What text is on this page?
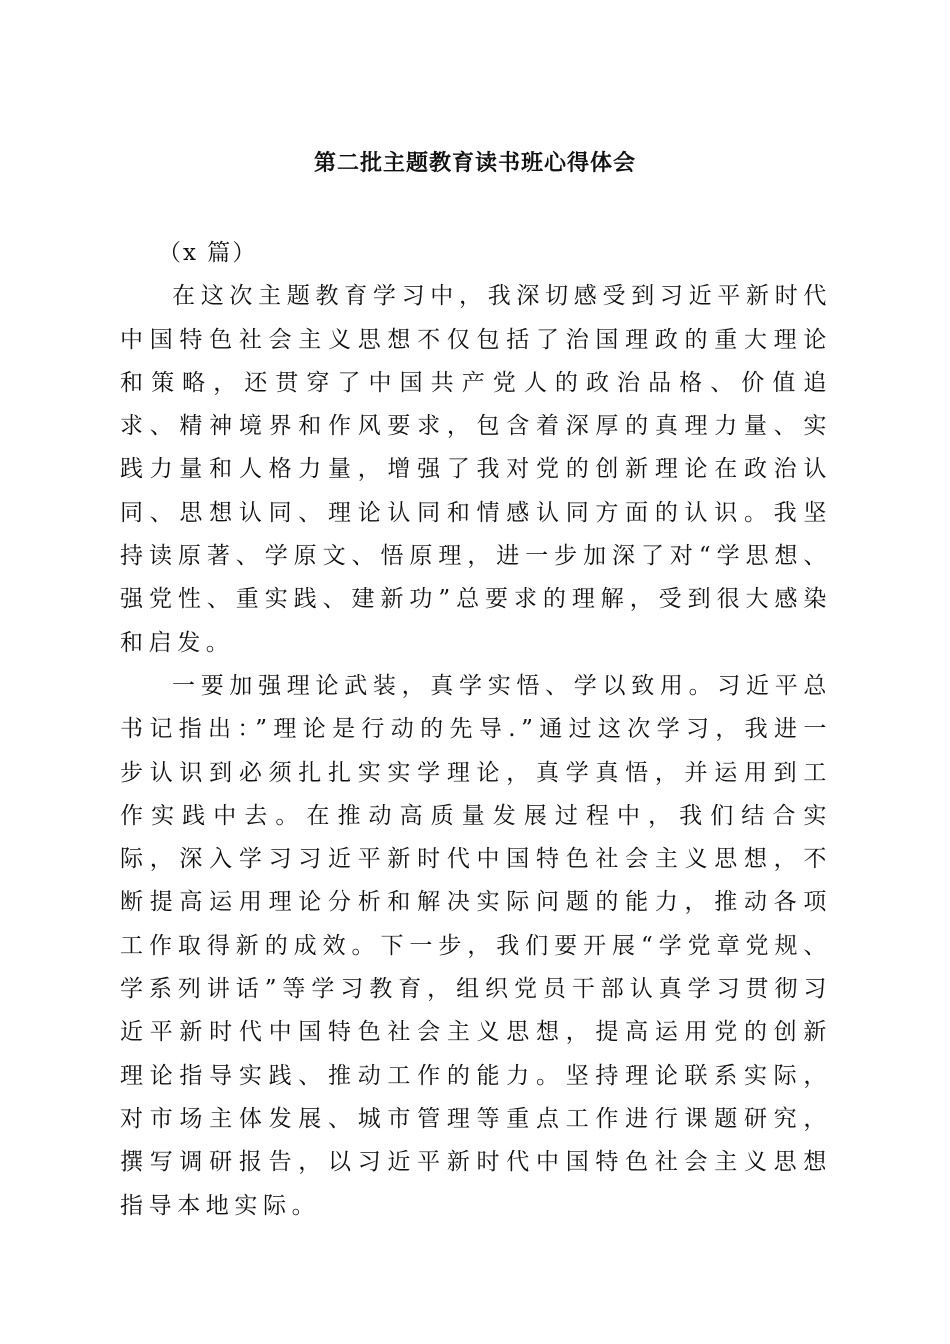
第二批主题教育读书班心得体会

（x 篇）

在这次主题教育学习中，我深切感受到习近平新时代中国特色社会主义思想不仅包括了治国理政的重大理论和策略，还贯穿了中国共产党人的政治品格、价值追求、精神境界和作风要求，包含着深厚的真理力量、实践力量和人格力量，增强了我对党的创新理论在政治认同、思想认同、理论认同和情感认同方面的认识。我坚持读原著、学原文、悟原理，进一步加深了对“学思想、强党性、重实践、建新功”总要求的理解，受到很大感染和启发。

一要加强理论武装，真学实悟、学以致用。习近平总书记指出：”理论是行动的先导.”通过这次学习，我进一步认识到必须扎扎实实学理论，真学真悟，并运用到工作实践中去。在推动高质量发展过程中，我们结合实际，深入学习习近平新时代中国特色社会主义思想，不断提高运用理论分析和解决实际问题的能力，推动各项工作取得新的成效。下一步，我们要开展“学党章党规、学系列讲话”等学习教育，组织党员干部认真学习贯彻习近平新时代中国特色社会主义思想，提高运用党的创新理论指导实践、推动工作的能力。坚持理论联系实际，对市场主体发展、城市管理等重点工作进行课题研究，撰写调研报告，以习近平新时代中国特色社会主义思想指导本地实际。
